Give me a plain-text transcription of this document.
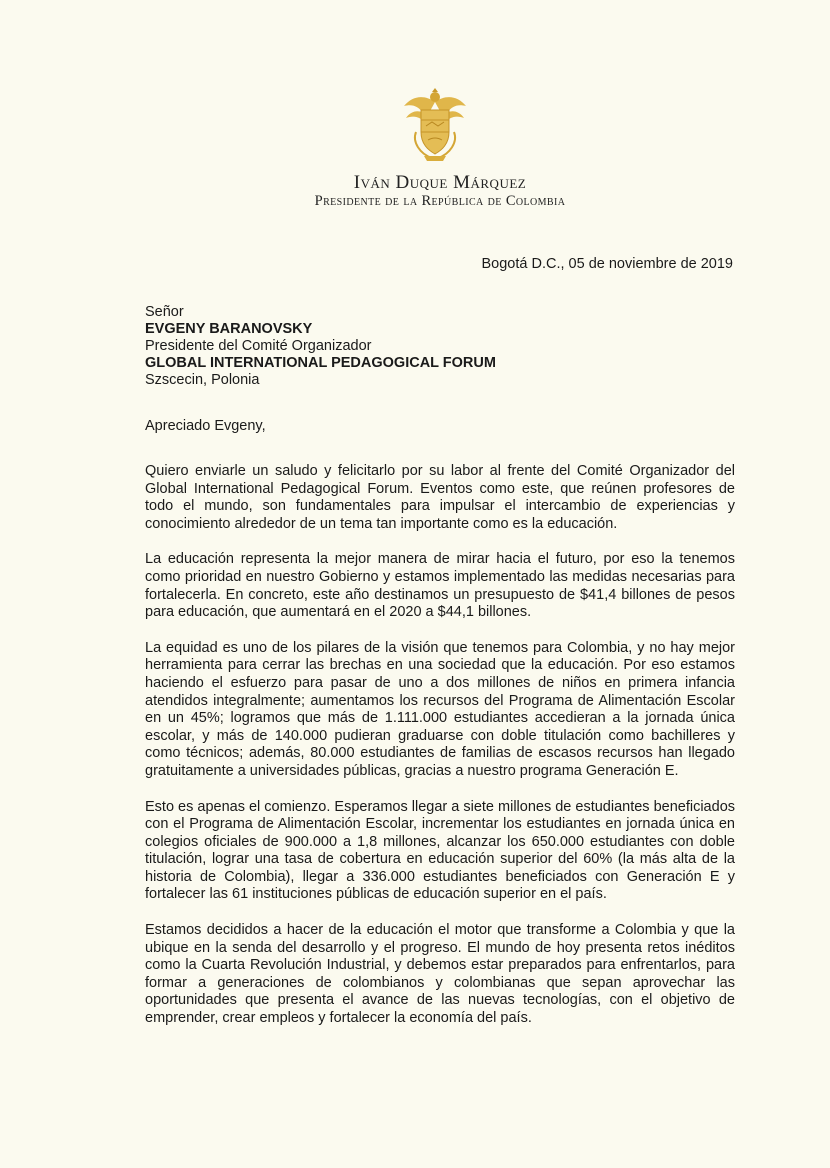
Iván Duque Márquez
Presidente de la República de Colombia
Bogotá D.C., 05 de noviembre de 2019
Señor
EVGENY BARANOVSKY
Presidente del Comité Organizador
GLOBAL INTERNATIONAL PEDAGOGICAL FORUM
Szscecin, Polonia
Apreciado Evgeny,

Quiero enviarle un saludo y felicitarlo por su labor al frente del Comité Organizador del Global International Pedagogical Forum. Eventos como este, que reúnen profesores de todo el mundo, son fundamentales para impulsar el intercambio de experiencias y conocimiento alrededor de un tema tan importante como es la educación.

La educación representa la mejor manera de mirar hacia el futuro, por eso la tenemos como prioridad en nuestro Gobierno y estamos implementado las medidas necesarias para fortalecerla. En concreto, este año destinamos un presupuesto de $41,4 billones de pesos para educación, que aumentará en el 2020 a $44,1 billones.

La equidad es uno de los pilares de la visión que tenemos para Colombia, y no hay mejor herramienta para cerrar las brechas en una sociedad que la educación. Por eso estamos haciendo el esfuerzo para pasar de uno a dos millones de niños en primera infancia atendidos integralmente; aumentamos los recursos del Programa de Alimentación Escolar en un 45%; logramos que más de 1.111.000 estudiantes accedieran a la jornada única escolar, y más de 140.000 pudieran graduarse con doble titulación como bachilleres y como técnicos; además, 80.000 estudiantes de familias de escasos recursos han llegado gratuitamente a universidades públicas, gracias a nuestro programa Generación E.

Esto es apenas el comienzo. Esperamos llegar a siete millones de estudiantes beneficiados con el Programa de Alimentación Escolar, incrementar los estudiantes en jornada única en colegios oficiales de 900.000 a 1,8 millones, alcanzar los 650.000 estudiantes con doble titulación, lograr una tasa de cobertura en educación superior del 60% (la más alta de la historia de Colombia), llegar a 336.000 estudiantes beneficiados con Generación E y fortalecer las 61 instituciones públicas de educación superior en el país.

Estamos decididos a hacer de la educación el motor que transforme a Colombia y que la ubique en la senda del desarrollo y el progreso. El mundo de hoy presenta retos inéditos como la Cuarta Revolución Industrial, y debemos estar preparados para enfrentarlos, para formar a generaciones de colombianos y colombianas que sepan aprovechar las oportunidades que presenta el avance de las nuevas tecnologías, con el objetivo de emprender, crear empleos y fortalecer la economía del país.
